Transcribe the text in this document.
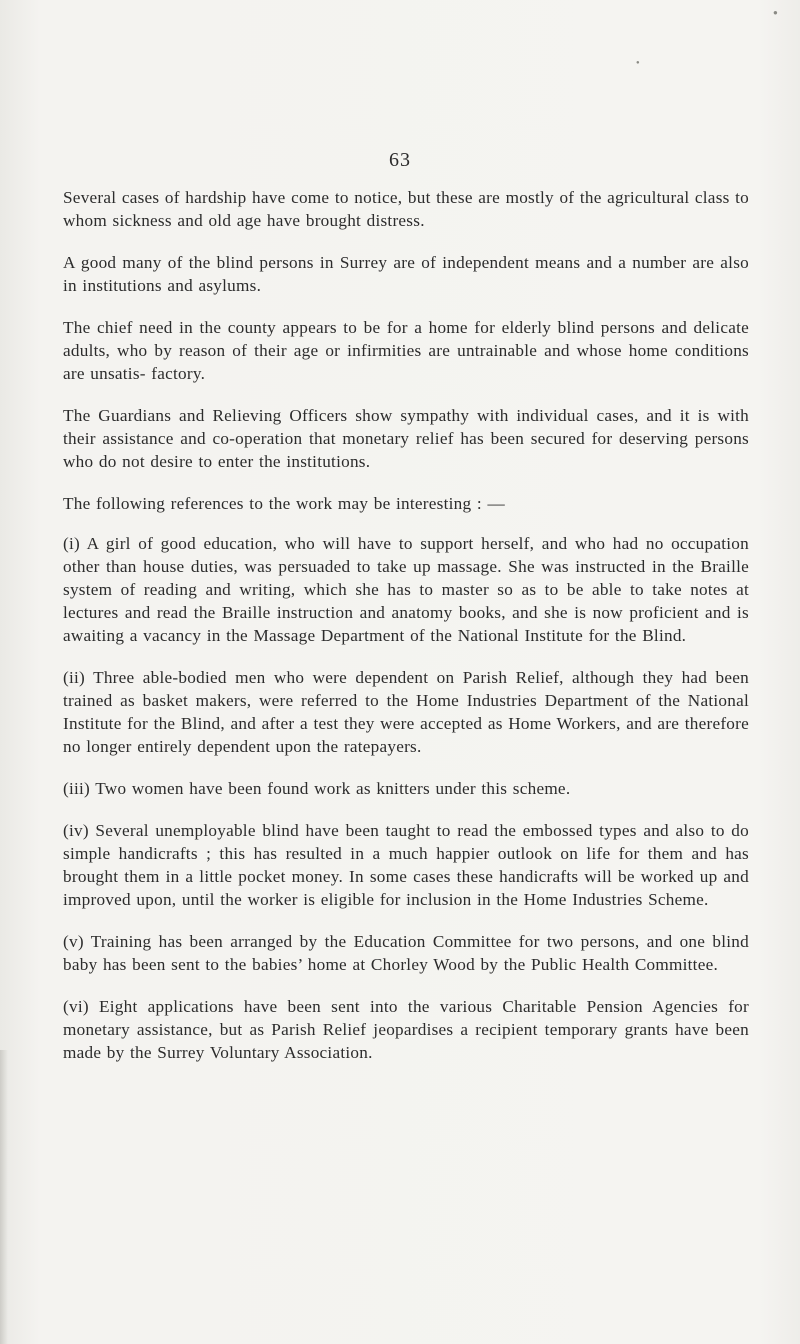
●
●
63

Several cases of hardship have come to notice, but these are mostly of the agricultural class to whom sickness and old age have brought distress.

A good many of the blind persons in Surrey are of independent means and a number are also in institutions and asylums.

The chief need in the county appears to be for a home for elderly blind persons and delicate adults, who by reason of their age or infirmities are untrainable and whose home conditions are unsatis- factory.

The Guardians and Relieving Officers show sympathy with individual cases, and it is with their assistance and co-operation that monetary relief has been secured for deserving persons who do not desire to enter the institutions.

The following references to the work may be interesting : —

(i) A girl of good education, who will have to support herself, and who had no occupation other than house duties, was persuaded to take up massage. She was instructed in the Braille system of reading and writing, which she has to master so as to be able to take notes at lectures and read the Braille instruction and anatomy books, and she is now proficient and is awaiting a vacancy in the Massage Department of the National Institute for the Blind.

(ii) Three able-bodied men who were dependent on Parish Relief, although they had been trained as basket makers, were referred to the Home Industries Department of the National Institute for the Blind, and after a test they were accepted as Home Workers, and are therefore no longer entirely dependent upon the ratepayers.

(iii) Two women have been found work as knitters under this scheme.

(iv) Several unemployable blind have been taught to read the embossed types and also to do simple handicrafts ; this has resulted in a much happier outlook on life for them and has brought them in a little pocket money. In some cases these handicrafts will be worked up and improved upon, until the worker is eligible for inclusion in the Home Industries Scheme.

(v) Training has been arranged by the Education Committee for two persons, and one blind baby has been sent to the babies’ home at Chorley Wood by the Public Health Committee.

(vi) Eight applications have been sent into the various Charitable Pension Agencies for monetary assistance, but as Parish Relief jeopardises a recipient temporary grants have been made by the Surrey Voluntary Association.
